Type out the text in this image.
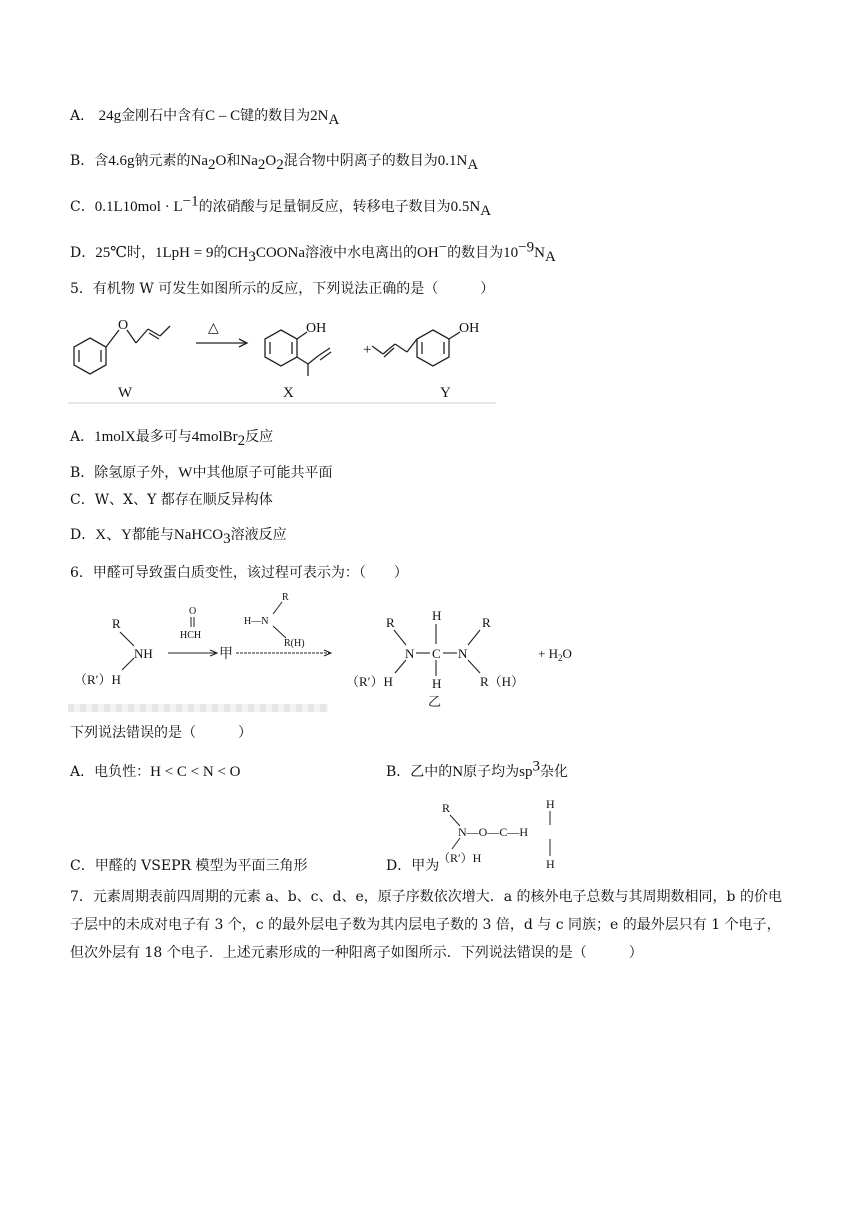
A． 24g金刚石中含有C – C键的数目为$2N_A$
B．含4.6g钠元素的$Na_2O$和$Na_2O_2$混合物中阴离子的数目为$0.1N_A$
C．$0.1L10mol \cdot L^{-1}$的浓硝酸与足量铜反应，转移电子数目为$0.5N_A$
D．25℃时，1LpH = 9的$CH_3COONa$溶液中水电离出的OH−的数目为$10^{-9}N_A$
5．有机物 W 可发生如图所示的反应，下列说法正确的是（　　　）
O
W
△	OH
X
+
OH
Y
A．1molX最多可与4molBr$_2$反应
B．除氢原子外，W中其他原子可能共平面
C．W、X、Y 都存在顺反异构体
D．X、Y都能与NaHCO$_3$溶液反应
6．甲醛可导致蛋白质变性，该过程可表示为：（　　）
R
NH
（R′）H
O
HCH
甲
R
H—N
R(H)
R	H	R
N C N
（R′）H	R（H）
H
乙
+ $H_2O$
下列说法错误的是（　　　）
A．电负性：H < C < N < O	B．乙中的N原子均为$sp^3$杂化
C．甲醛的 VSEPR 模型为平面三角形	D．甲为
R	H
N—O—C—H
H
（R′）H
7．元素周期表前四周期的元素 a、b、c、d、e，原子序数依次增大．a 的核外电子总数与其周期数相同，b 的价电子层中的未成对电子有 3 个，c 的最外层电子数为其内层电子数的 3 倍，d 与 c 同族；e 的最外层只有 1 个电子，但次外层有 18 个电子．上述元素形成的一种阳离子如图所示．下列说法错误的是（　　　）
